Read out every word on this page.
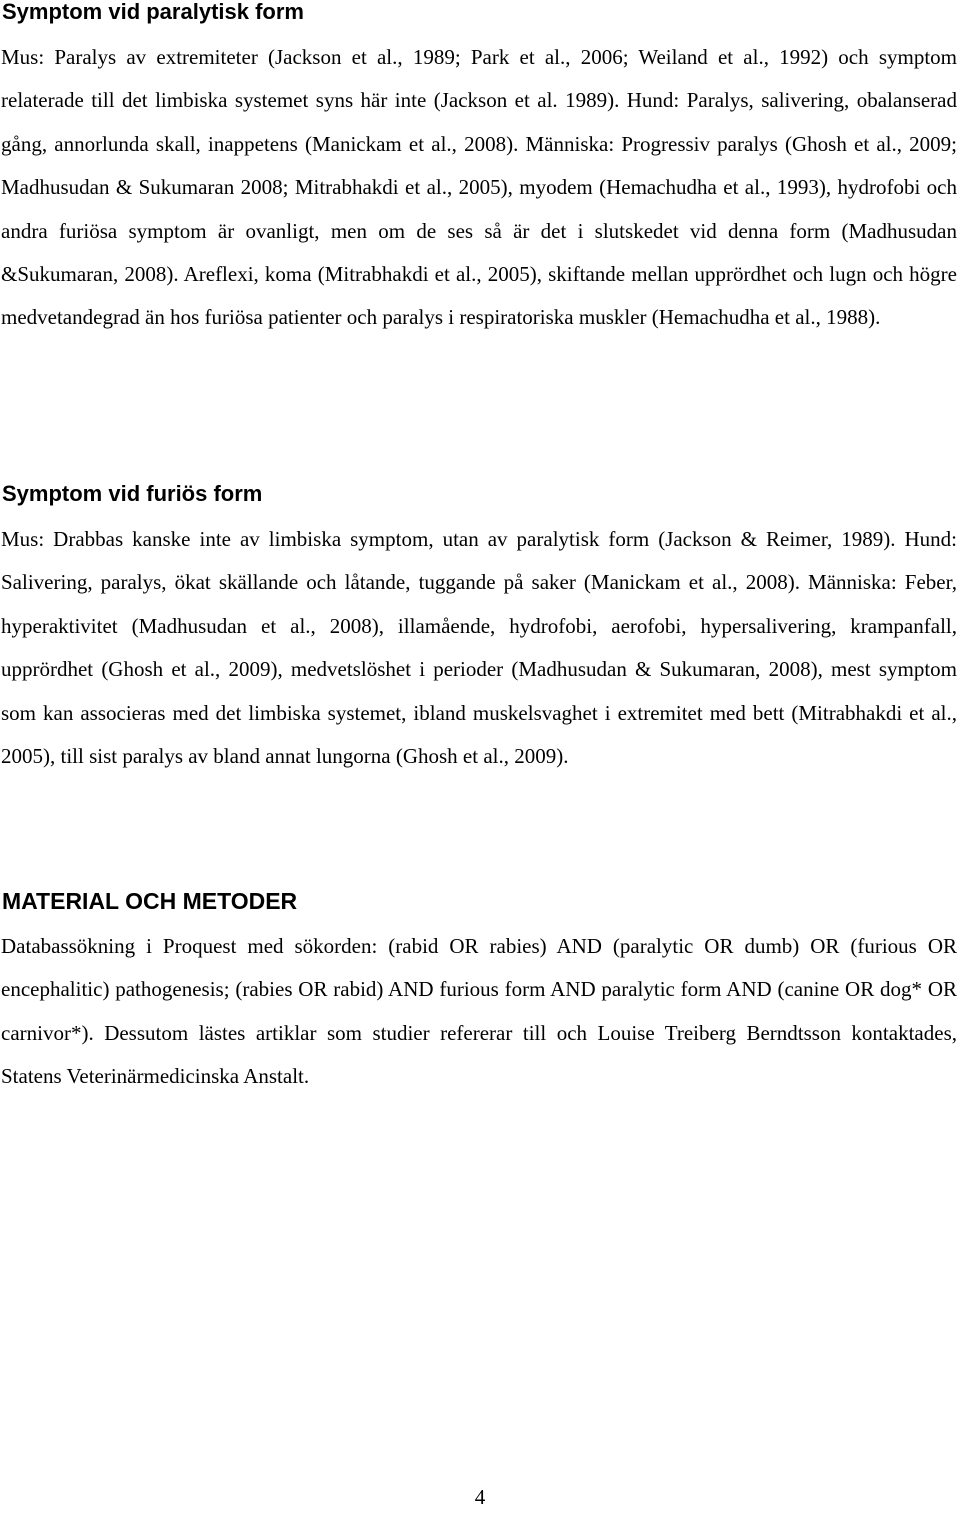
Symptom vid paralytisk form

Mus: Paralys av extremiteter (Jackson et al., 1989; Park et al., 2006; Weiland et al., 1992) och symptom relaterade till det limbiska systemet syns här inte (Jackson et al. 1989). Hund: Paralys, salivering, obalanserad gång, annorlunda skall, inappetens (Manickam et al., 2008). Människa: Progressiv paralys (Ghosh et al., 2009; Madhusudan & Sukumaran 2008; Mitrabhakdi et al., 2005), myodem (Hemachudha et al., 1993), hydrofobi och andra furiösa symptom är ovanligt, men om de ses så är det i slutskedet vid denna form (Madhusudan &Sukumaran, 2008). Areflexi, koma (Mitrabhakdi et al., 2005), skiftande mellan upprördhet och lugn och högre medvetandegrad än hos furiösa patienter och paralys i respiratoriska muskler (Hemachudha et al., 1988).

Symptom vid furiös form

Mus: Drabbas kanske inte av limbiska symptom, utan av paralytisk form (Jackson & Reimer, 1989). Hund: Salivering, paralys, ökat skällande och låtande, tuggande på saker (Manickam et al., 2008). Människa: Feber, hyperaktivitet (Madhusudan et al., 2008), illamående, hydrofobi, aerofobi, hypersalivering, krampanfall, upprördhet (Ghosh et al., 2009), medvetslöshet i perioder (Madhusudan & Sukumaran, 2008), mest symptom som kan associeras med det limbiska systemet, ibland muskelsvaghet i extremitet med bett (Mitrabhakdi et al., 2005), till sist paralys av bland annat lungorna (Ghosh et al., 2009).

MATERIAL OCH METODER

Databassökning i Proquest med sökorden: (rabid OR rabies) AND (paralytic OR dumb) OR (furious OR encephalitic) pathogenesis; (rabies OR rabid) AND furious form AND paralytic form AND (canine OR dog* OR carnivor*). Dessutom lästes artiklar som studier refererar till och Louise Treiberg Berndtsson kontaktades, Statens Veterinärmedicinska Anstalt.

4
